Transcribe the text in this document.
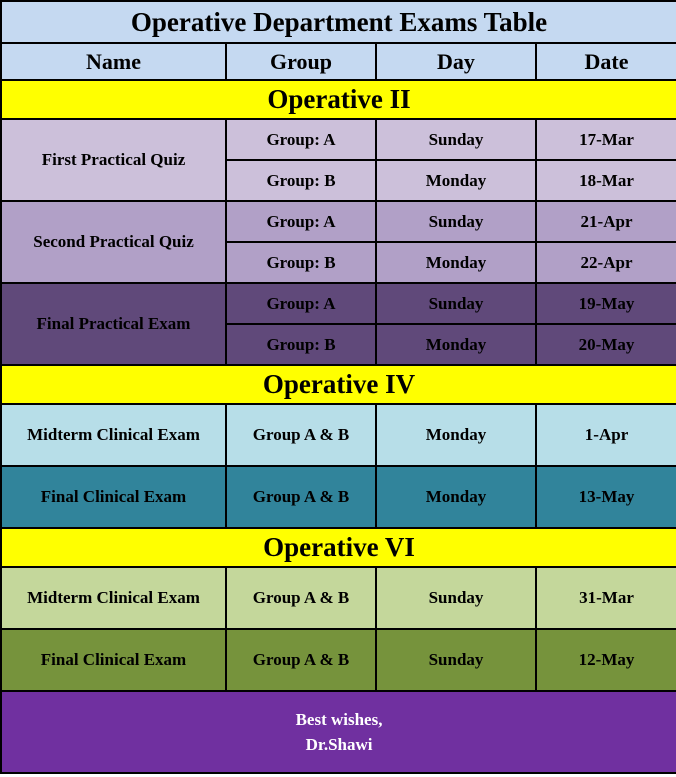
Operative Department Exams Table			
Name	Group	Day	Date
Operative II			
First Practical Quiz	Group: A	Sunday	17-Mar
	Group: B	Monday	18-Mar
Second Practical Quiz	Group: A	Sunday	21-Apr
	Group: B	Monday	22-Apr
Final Practical Exam	Group: A	Sunday	19-May
	Group: B	Monday	20-May
Operative IV			
Midterm Clinical Exam	Group A & B	Monday	1-Apr
Final Clinical Exam	Group A & B	Monday	13-May
Operative VI			
Midterm Clinical Exam	Group A & B	Sunday	31-Mar
Final Clinical Exam	Group A & B	Sunday	12-May

Best wishes,
Dr.Shawi			
